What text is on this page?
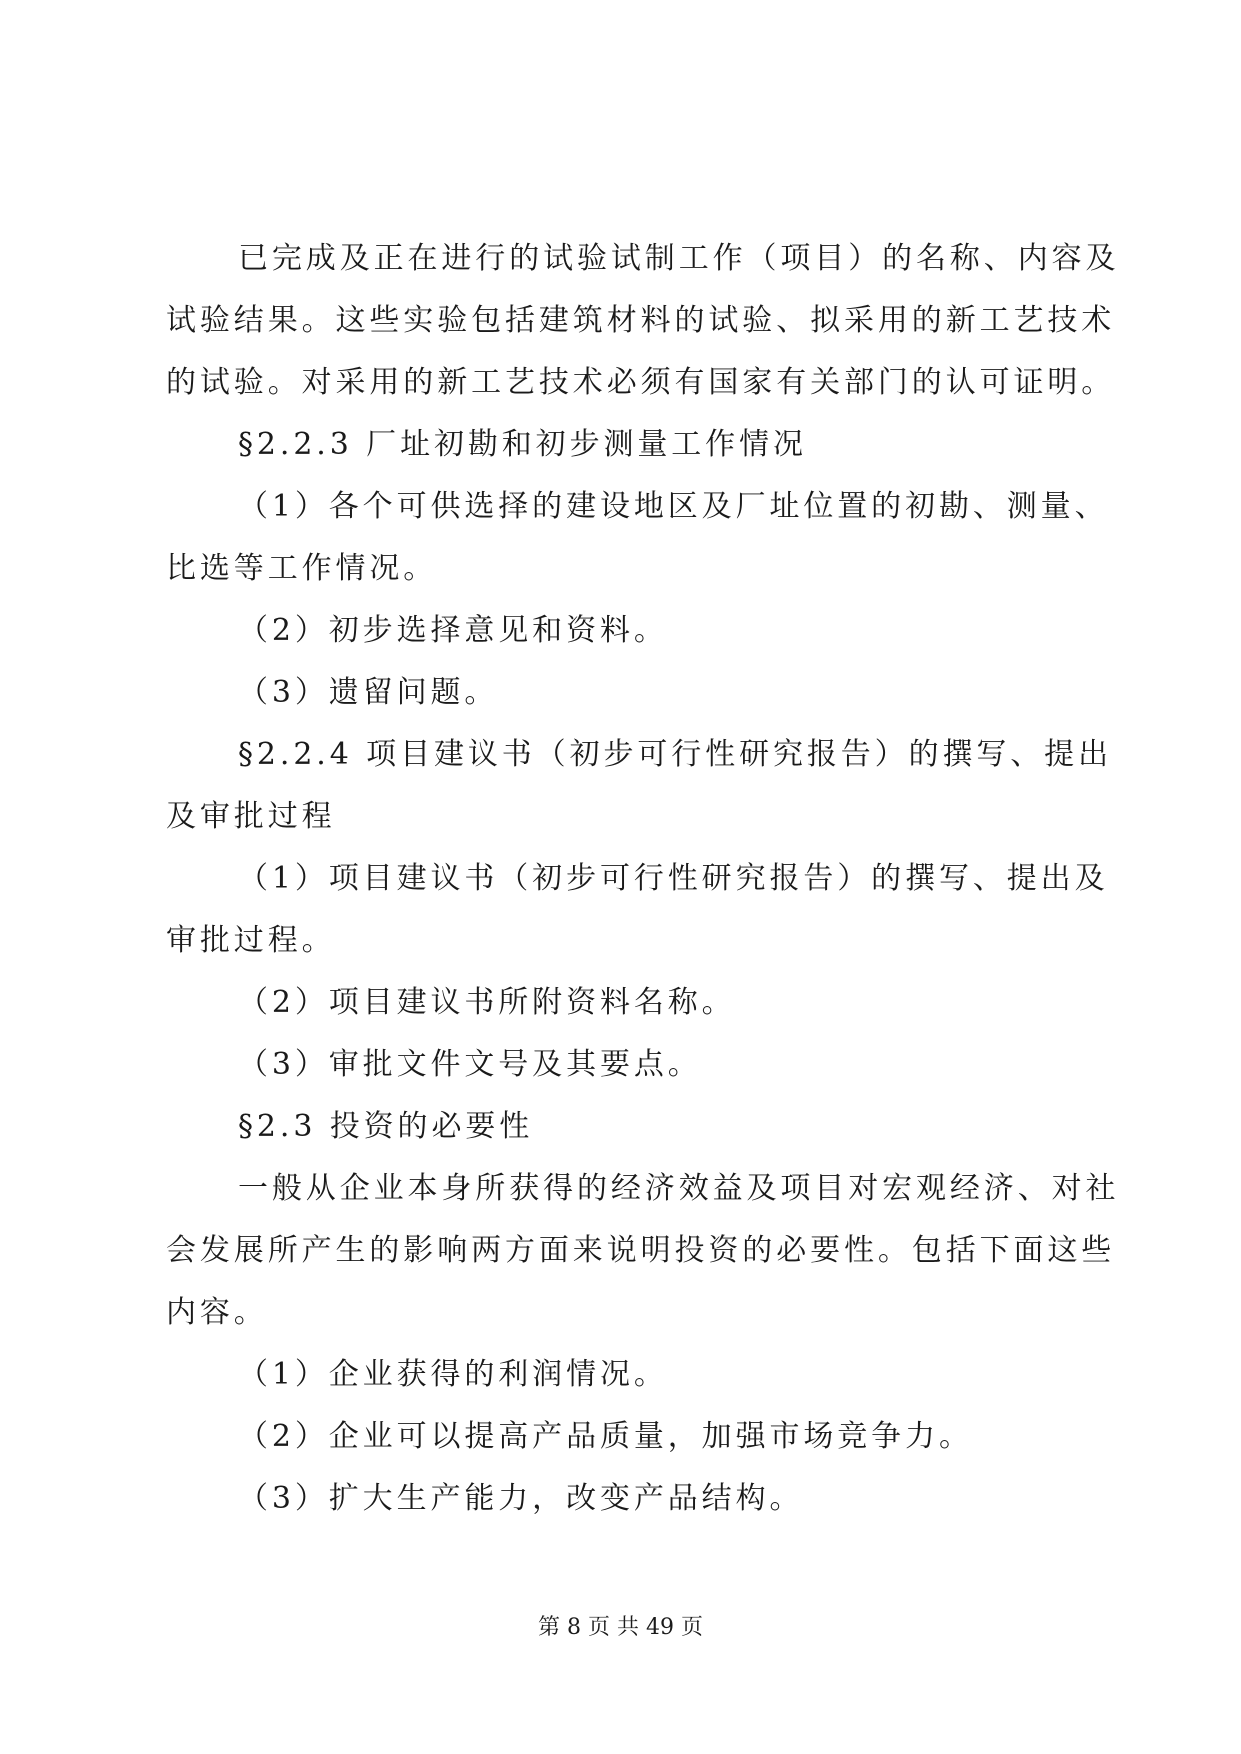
已完成及正在进行的试验试制工作（项目）的名称、内容及
试验结果。这些实验包括建筑材料的试验、拟采用的新工艺技术
的试验。对采用的新工艺技术必须有国家有关部门的认可证明。
§2.2.3 厂址初勘和初步测量工作情况
（1）各个可供选择的建设地区及厂址位置的初勘、测量、
比选等工作情况。
（2）初步选择意见和资料。
（3）遗留问题。
§2.2.4 项目建议书（初步可行性研究报告）的撰写、提出
及审批过程
（1）项目建议书（初步可行性研究报告）的撰写、提出及
审批过程。
（2）项目建议书所附资料名称。
（3）审批文件文号及其要点。
§2.3 投资的必要性
一般从企业本身所获得的经济效益及项目对宏观经济、对社
会发展所产生的影响两方面来说明投资的必要性。包括下面这些
内容。
（1）企业获得的利润情况。
（2）企业可以提高产品质量，加强市场竞争力。
（3）扩大生产能力，改变产品结构。
第 8 页 共 49 页
